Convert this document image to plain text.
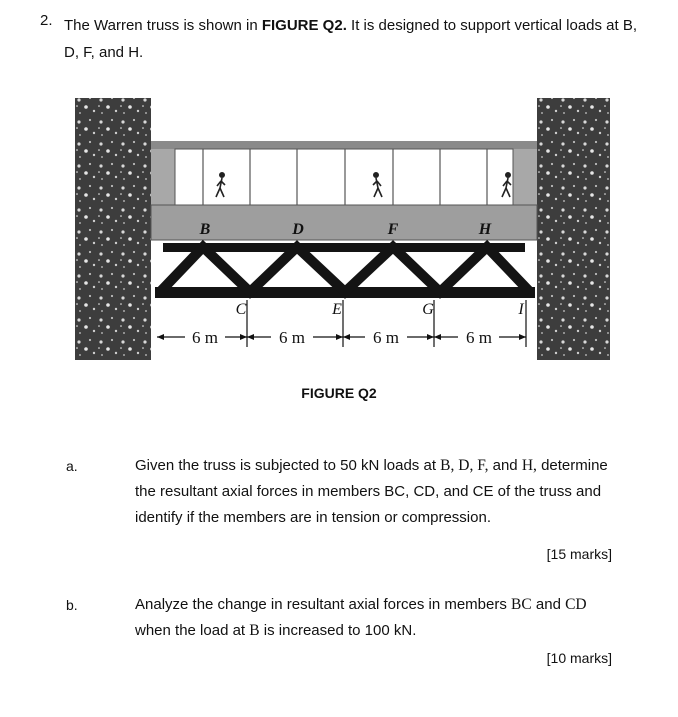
2. The Warren truss is shown in FIGURE Q2. It is designed to support vertical loads at B, D, F, and H.
B	D	F	H
C	E	G	I
6 m	6 m	6 m	6 m
FIGURE Q2
a.	Given the truss is subjected to 50 kN loads at B, D, F, and H, determine the resultant axial forces in members BC, CD, and CE of the truss and identify if the members are in tension or compression.
[15 marks]
b.	Analyze the change in resultant axial forces in members BC and CD when the load at B is increased to 100 kN.
[10 marks]
